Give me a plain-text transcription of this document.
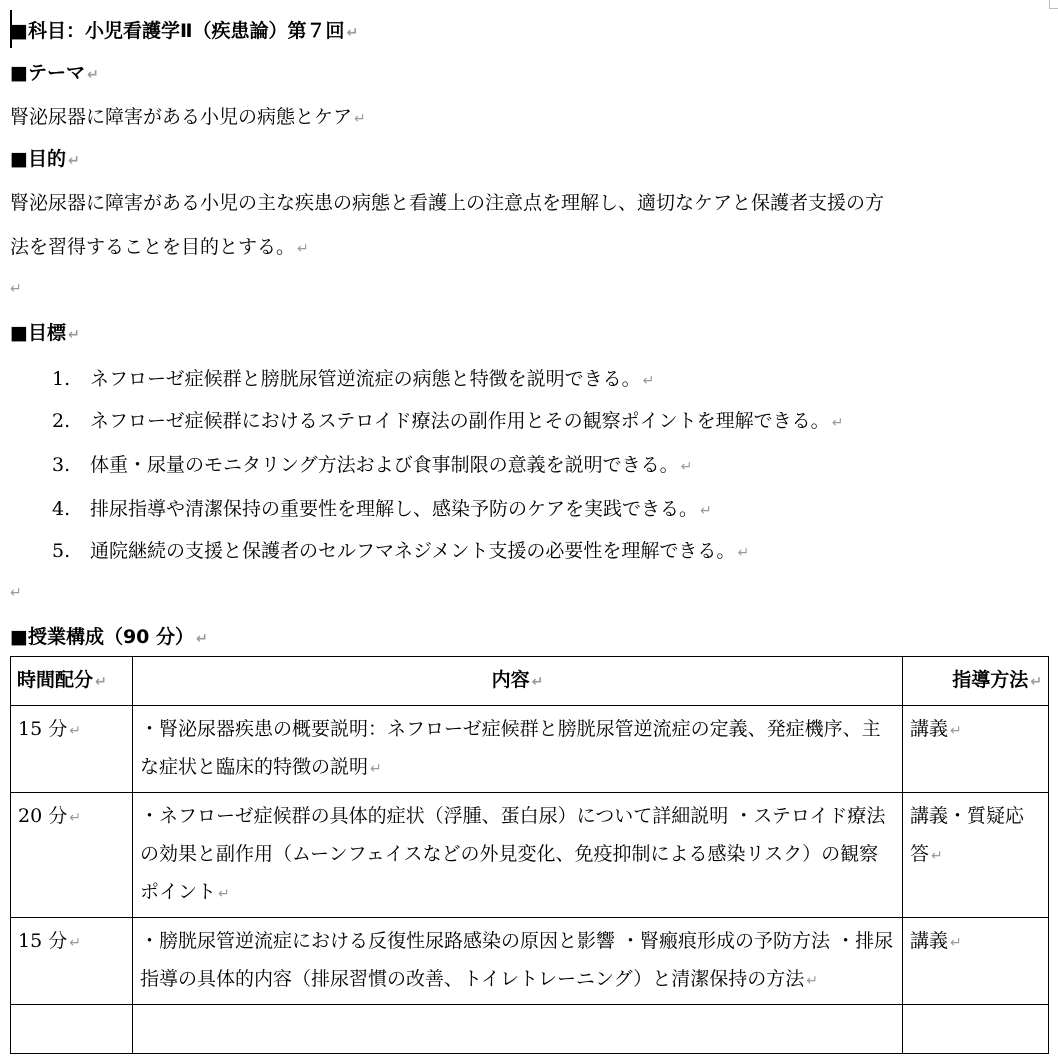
■科目：小児看護学Ⅱ（疾患論）第７回 ↵
■テーマ ↵
腎泌尿器に障害がある小児の病態とケア ↵
■目的 ↵
腎泌尿器に障害がある小児の主な疾患の病態と看護上の注意点を理解し、適切なケアと保護者支援の方
法を習得することを目的とする。 ↵
↵
■目標 ↵
1. ネフローゼ症候群と膀胱尿管逆流症の病態と特徴を説明できる。 ↵
2. ネフローゼ症候群におけるステロイド療法の副作用とその観察ポイントを理解できる。 ↵
3. 体重・尿量のモニタリング方法および食事制限の意義を説明できる。 ↵
4. 排尿指導や清潔保持の重要性を理解し、感染予防のケアを実践できる。 ↵
5. 通院継続の支援と保護者のセルフマネジメント支援の必要性を理解できる。 ↵
↵
■授業構成（90 分） ↵
時間配分 ↵	内容 ↵	指導方法 ↵
15 分 ↵	・腎泌尿器疾患の概要説明：ネフローゼ症候群と膀胱尿管逆流症の定義、発症機序、主な症状と臨床的特徴の説明 ↵	講義 ↵
20 分 ↵	・ネフローゼ症候群の具体的症状（浮腫、蛋白尿）について詳細説明 ・ステロイド療法の効果と副作用（ムーンフェイスなどの外見変化、免疫抑制による感染リスク）の観察ポイント ↵	講義・質疑応答 ↵
15 分 ↵	・膀胱尿管逆流症における反復性尿路感染の原因と影響 ・腎瘢痕形成の予防方法 ・排尿指導の具体的内容（排尿習慣の改善、トイレトレーニング）と清潔保持の方法 ↵	講義 ↵
